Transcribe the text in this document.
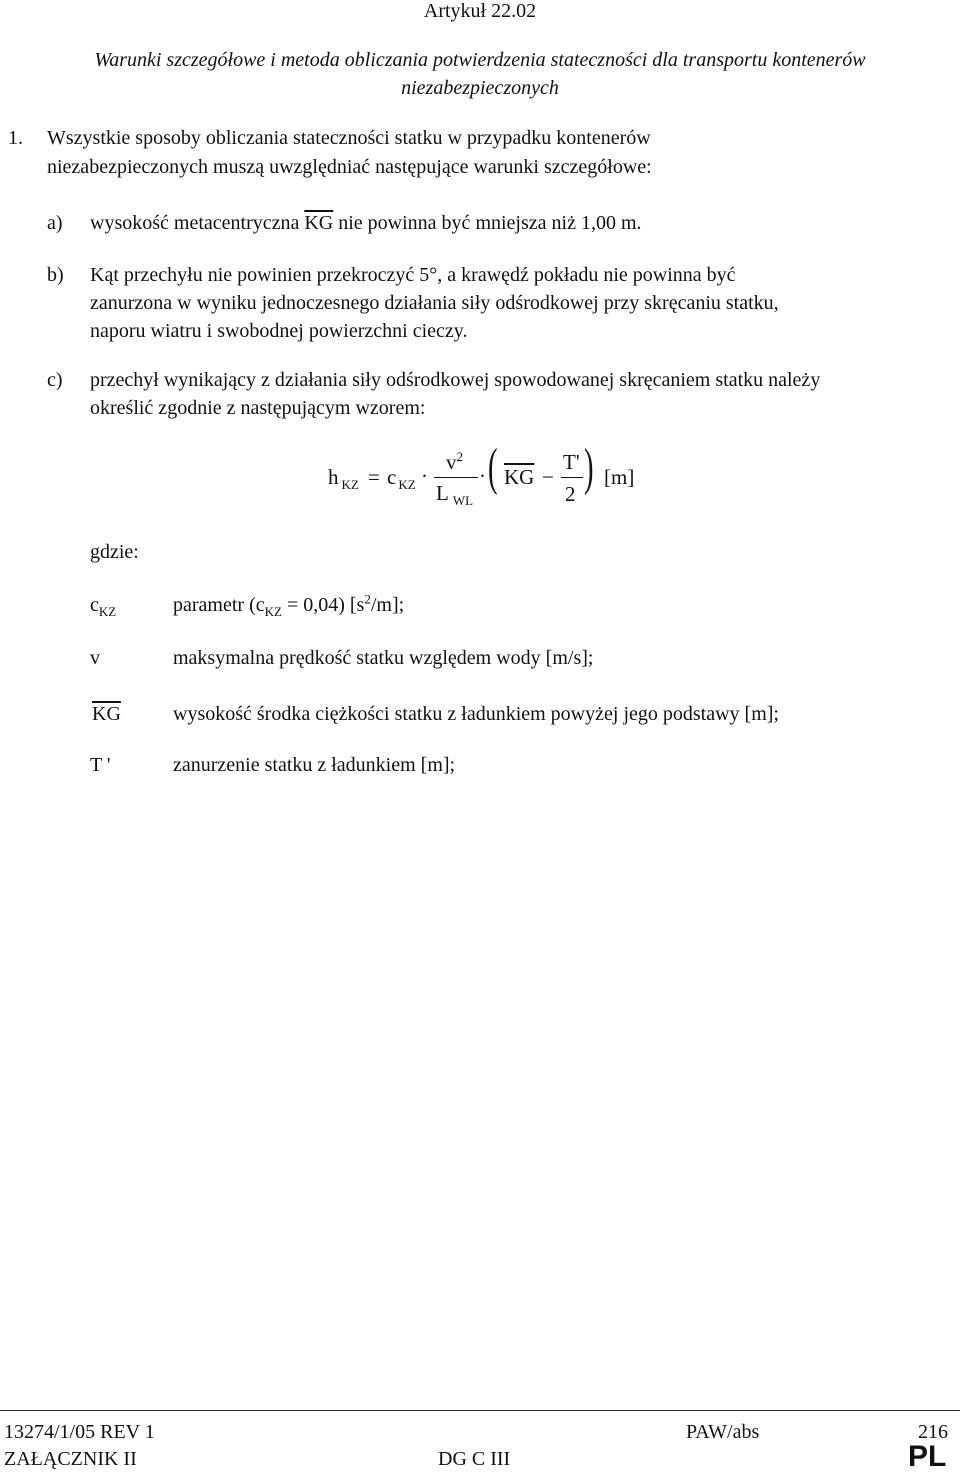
Artykuł 22.02
Warunki szczegółowe i metoda obliczania potwierdzenia stateczności dla transportu kontenerów
niezabezpieczonych
1. Wszystkie sposoby obliczania stateczności statku w przypadku kontenerów
niezabezpieczonych muszą uwzględniać następujące warunki szczegółowe:
a) wysokość metacentryczna $\overline{KG}$ nie powinna być mniejsza niż 1,00 m.
b) Kąt przechyłu nie powinien przekroczyć 5°, a krawędź pokładu nie powinna być
zanurzona w wyniku jednoczesnego działania siły odśrodkowej przy skręcaniu statku,
naporu wiatru i swobodnej powierzchni cieczy.
c) przechył wynikający z działania siły odśrodkowej spowodowanej skręcaniem statku należy
określić zgodnie z następującym wzorem:
h $_{KZ}$ = c $_{KZ}$ ·
$v^2$
L $_{WL}$
· ( $\overline{KG}$ −
T'
2 ) [m]
gdzie:
$c_{KZ}$	parametr $(c_{KZ} = 0,04)$ $[s^2/m]$;
v	maksymalna prędkość statku względem wody [m/s];
$\overline{KG}$	wysokość środka ciężkości statku z ładunkiem powyżej jego podstawy [m];
T '	zanurzenie statku z ładunkiem [m];
13274/1/05 REV 1	PAW/abs	216
ZAŁĄCZNIK II	DG C III	PL
